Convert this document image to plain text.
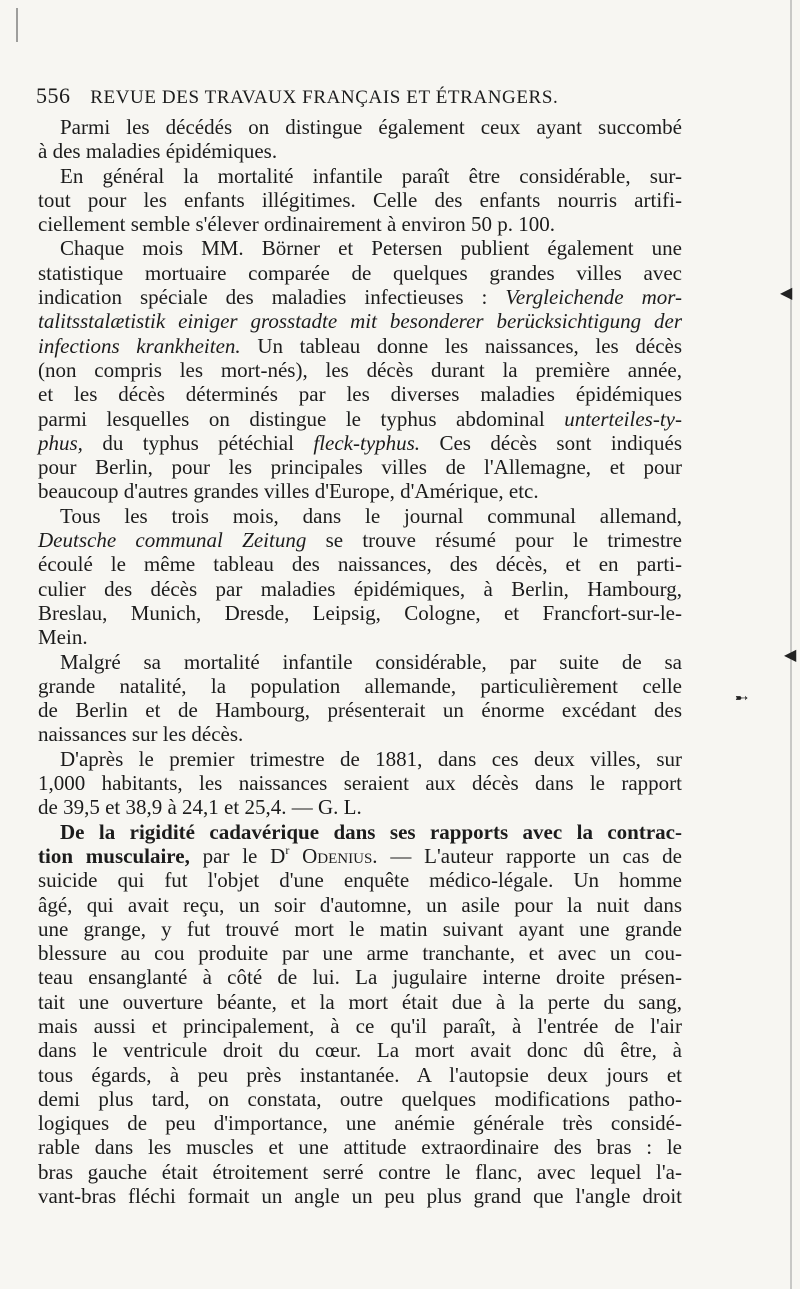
556 REVUE DES TRAVAUX FRANÇAIS ET ÉTRANGERS.
Parmi les décédés on distingue également ceux ayant succombé
à des maladies épidémiques.
En général la mortalité infantile paraît être considérable, sur-
tout pour les enfants illégitimes. Celle des enfants nourris artifi-
ciellement semble s'élever ordinairement à environ 50 p. 100.
Chaque mois MM. Börner et Petersen publient également une
statistique mortuaire comparée de quelques grandes villes avec
indication spéciale des maladies infectieuses : Vergleichende mor-
talitsstalætistik einiger grosstadte mit besonderer berücksichtigung der
infections krankheiten. Un tableau donne les naissances, les décès
(non compris les mort-nés), les décès durant la première année,
et les décès déterminés par les diverses maladies épidémiques
parmi lesquelles on distingue le typhus abdominal unterteiles-ty-
phus, du typhus pétéchial fleck-typhus. Ces décès sont indiqués
pour Berlin, pour les principales villes de l'Allemagne, et pour
beaucoup d'autres grandes villes d'Europe, d'Amérique, etc.
Tous les trois mois, dans le journal communal allemand,
Deutsche communal Zeitung se trouve résumé pour le trimestre
écoulé le même tableau des naissances, des décès, et en parti-
culier des décès par maladies épidémiques, à Berlin, Hambourg,
Breslau, Munich, Dresde, Leipsig, Cologne, et Francfort-sur-le-
Mein.
Malgré sa mortalité infantile considérable, par suite de sa
grande natalité, la population allemande, particulièrement celle
de Berlin et de Hambourg, présenterait un énorme excédant des
naissances sur les décès.
D'après le premier trimestre de 1881, dans ces deux villes, sur
1,000 habitants, les naissances seraient aux décès dans le rapport
de 39,5 et 38,9 à 24,1 et 25,4. — G. L.
De la rigidité cadavérique dans ses rapports avec la contrac-
tion musculaire, par le $D^r$ Odenius. — L'auteur rapporte un cas de
suicide qui fut l'objet d'une enquête médico-légale. Un homme
âgé, qui avait reçu, un soir d'automne, un asile pour la nuit dans
une grange, y fut trouvé mort le matin suivant ayant une grande
blessure au cou produite par une arme tranchante, et avec un cou-
teau ensanglanté à côté de lui. La jugulaire interne droite présen-
tait une ouverture béante, et la mort était due à la perte du sang,
mais aussi et principalement, à ce qu'il paraît, à l'entrée de l'air
dans le ventricule droit du cœur. La mort avait donc dû être, à
tous égards, à peu près instantanée. A l'autopsie deux jours et
demi plus tard, on constata, outre quelques modifications patho-
logiques de peu d'importance, une anémie générale très considé-
rable dans les muscles et une attitude extraordinaire des bras : le
bras gauche était étroitement serré contre le flanc, avec lequel l'a-
vant-bras fléchi formait un angle un peu plus grand que l'angle droit
◀
◀
➸
